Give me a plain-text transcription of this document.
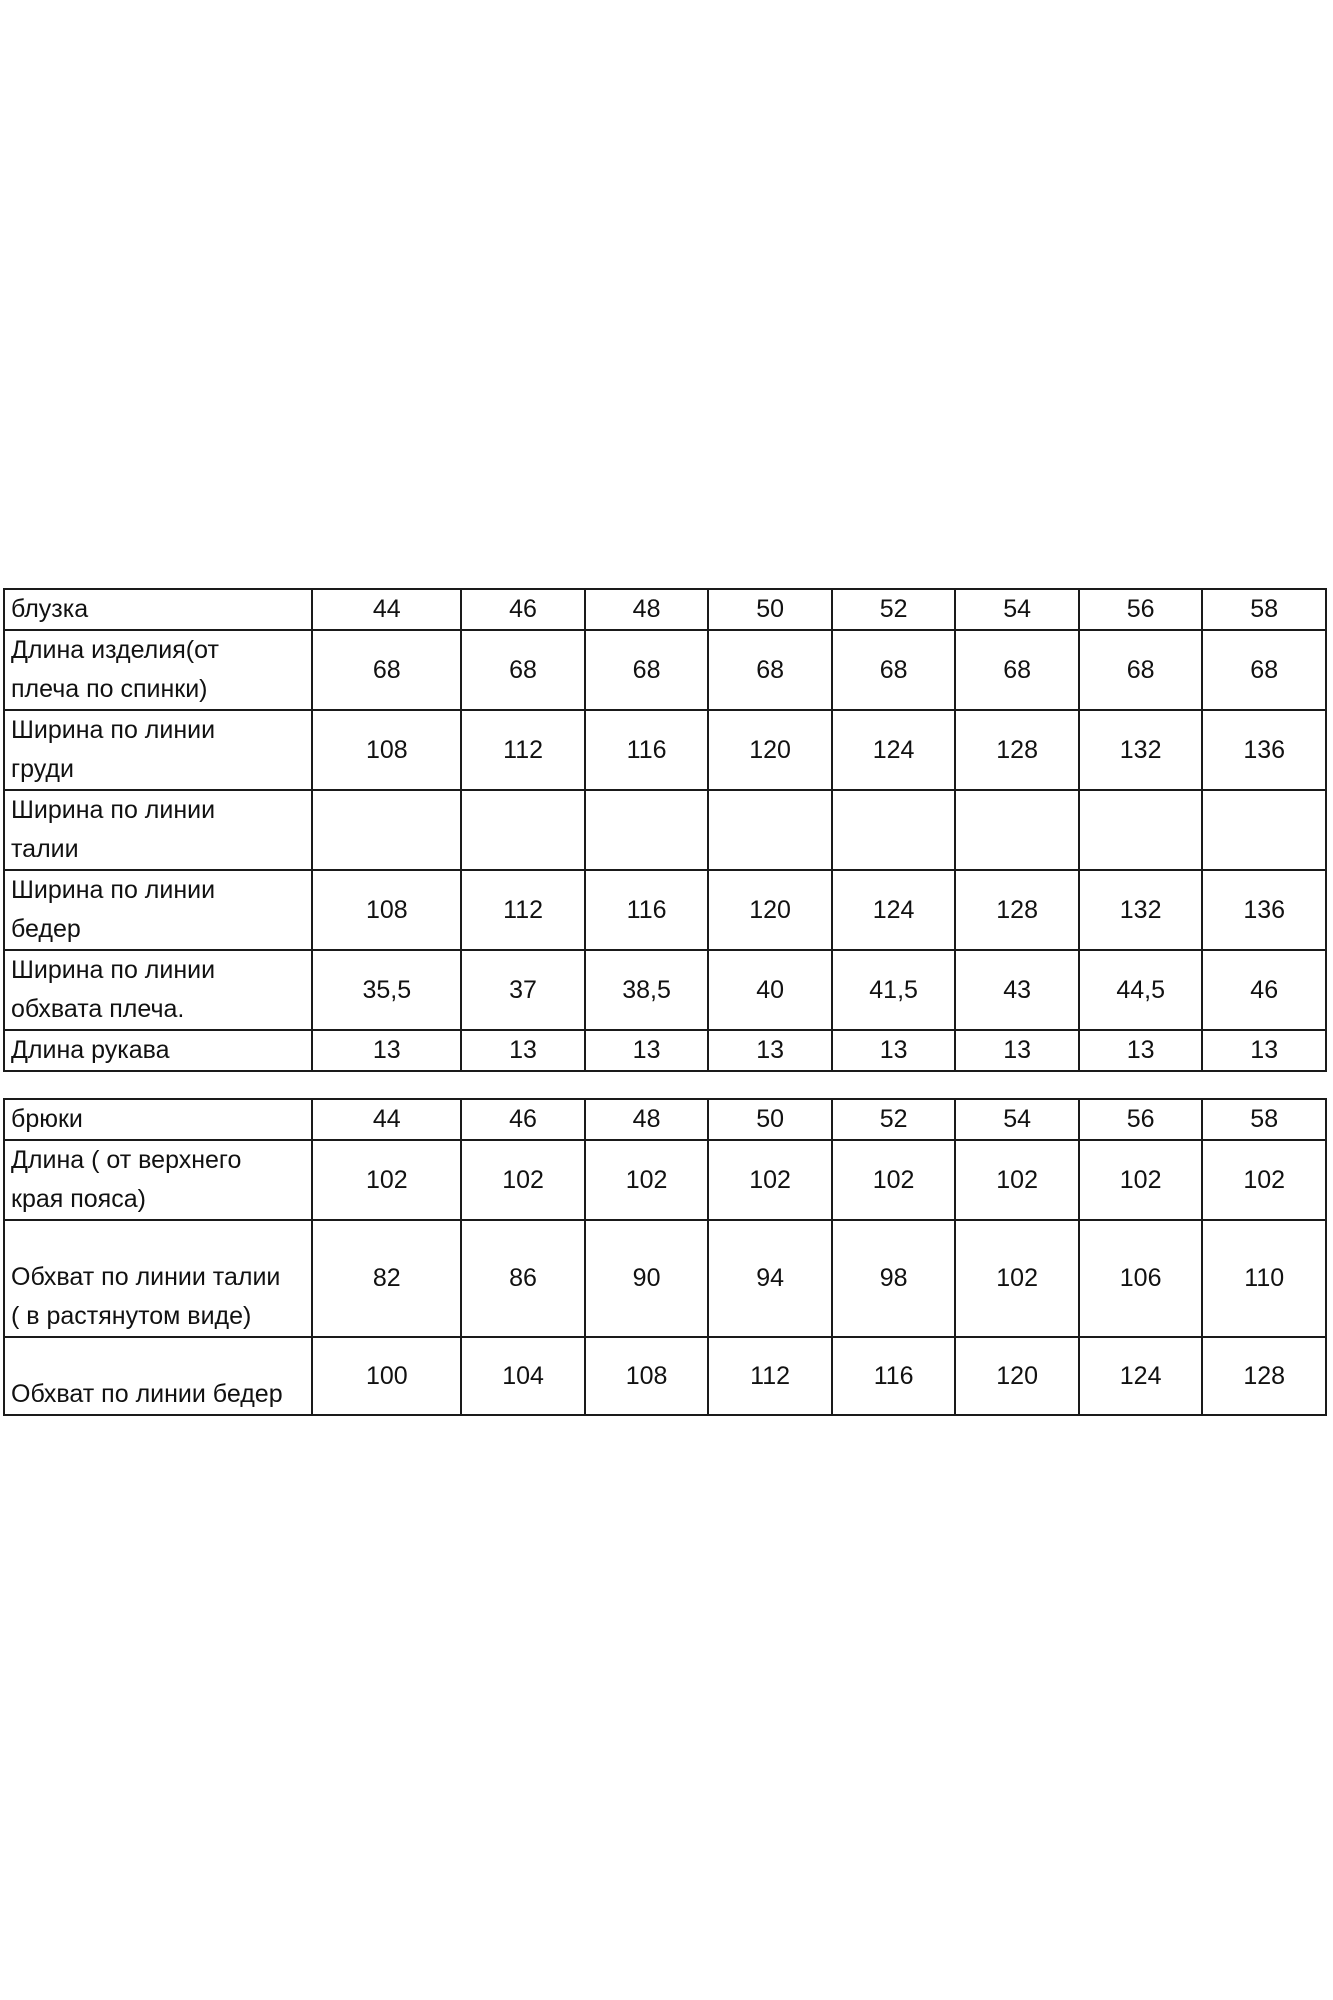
блузка	44	46	48	50	52	54	56	58
Длина изделия(от
плеча по спинки)	68	68	68	68	68	68	68	68
Ширина по линии
груди	108	112	116	120	124	128	132	136
Ширина по линии
талии								
Ширина по линии
бедер	108	112	116	120	124	128	132	136
Ширина по линии
обхвата плеча.	35,5	37	38,5	40	41,5	43	44,5	46
Длина рукава	13	13	13	13	13	13	13	13
брюки	44	46	48	50	52	54	56	58
Длина ( от верхнего
края пояса)	102	102	102	102	102	102	102	102
Обхват по линии талии
( в растянутом виде)	82	86	90	94	98	102	106	110
Обхват по линии бедер	100	104	108	112	116	120	124	128
